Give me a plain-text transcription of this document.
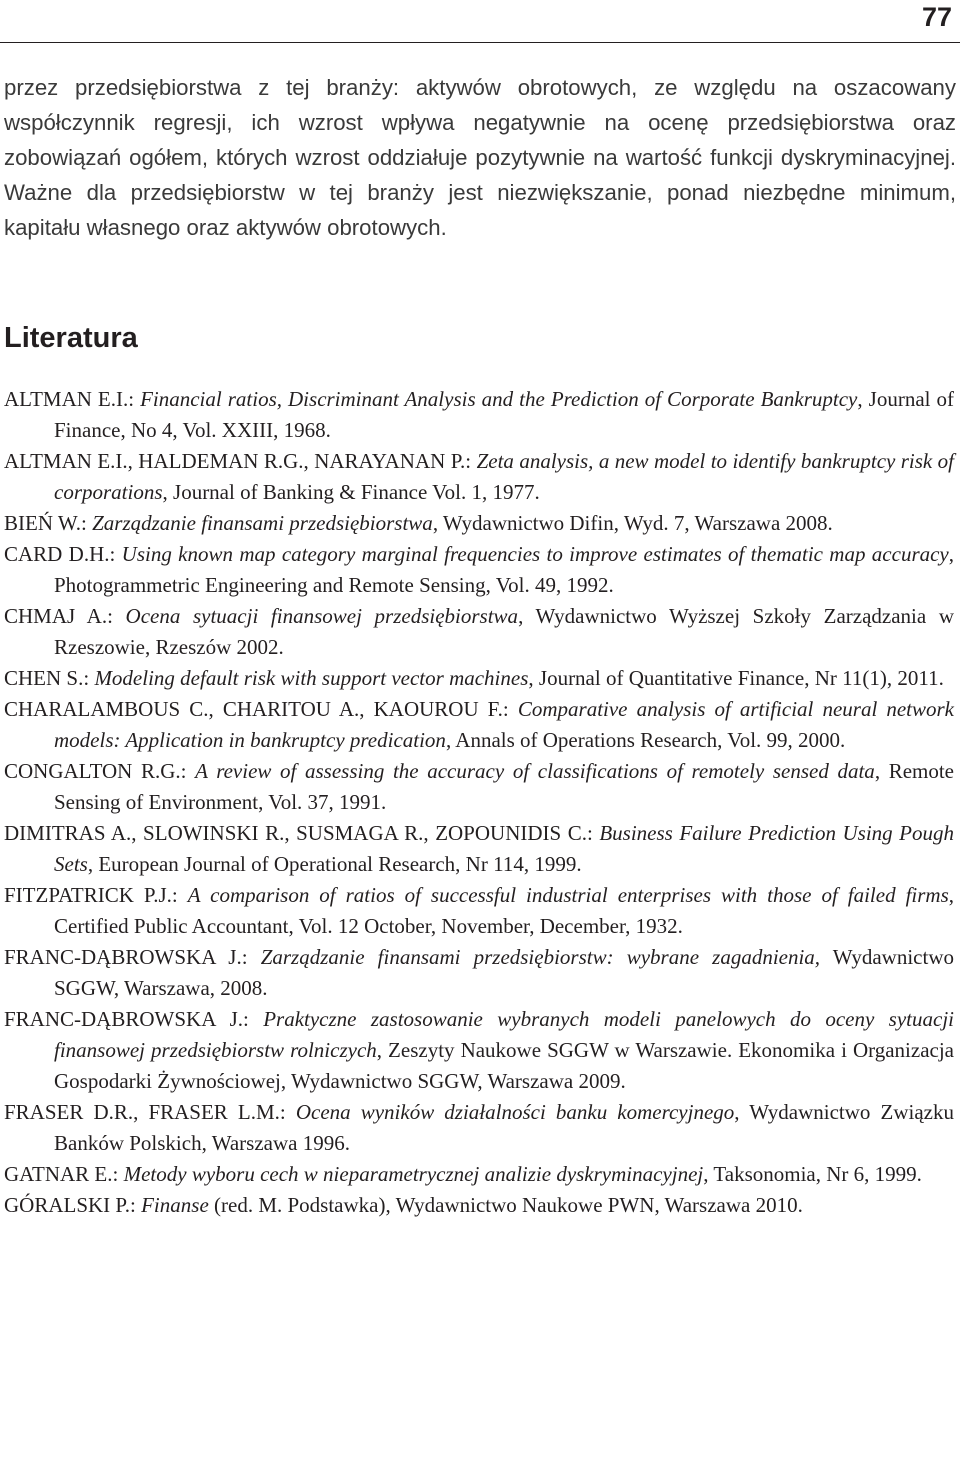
77

przez przedsiębiorstwa z tej branży: aktywów obrotowych, ze względu na oszacowany współczynnik regresji, ich wzrost wpływa negatywnie na ocenę przedsiębiorstwa oraz zobowiązań ogółem, których wzrost oddziałuje pozytywnie na wartość funkcji dyskryminacyjnej. Ważne dla przedsiębiorstw w tej branży jest niezwiększanie, ponad niezbędne minimum, kapitału własnego oraz aktywów obrotowych.

Literatura
ALTMAN E.I.: Financial ratios, Discriminant Analysis and the Prediction of Corporate Bankruptcy, Journal of Finance, No 4, Vol. XXIII, 1968.
ALTMAN E.I., HALDEMAN R.G., NARAYANAN P.: Zeta analysis, a new model to identify bankruptcy risk of corporations, Journal of Banking & Finance Vol. 1, 1977.
BIEŃ W.: Zarządzanie finansami przedsiębiorstwa, Wydawnictwo Difin, Wyd. 7, Warszawa 2008.
CARD D.H.: Using known map category marginal frequencies to improve estimates of thematic map accuracy, Photogrammetric Engineering and Remote Sensing, Vol. 49, 1992.
CHMAJ A.: Ocena sytuacji finansowej przedsiębiorstwa, Wydawnictwo Wyższej Szkoły Zarządzania w Rzeszowie, Rzeszów 2002.
CHEN S.: Modeling default risk with support vector machines, Journal of Quantitative Finance, Nr 11(1), 2011.
CHARALAMBOUS C., CHARITOU A., KAOUROU F.: Comparative analysis of artificial neural network models: Application in bankruptcy predication, Annals of Operations Research, Vol. 99, 2000.
CONGALTON R.G.: A review of assessing the accuracy of classifications of remotely sensed data, Remote Sensing of Environment, Vol. 37, 1991.
DIMITRAS A., SLOWINSKI R., SUSMAGA R., ZOPOUNIDIS C.: Business Failure Prediction Using Pough Sets, European Journal of Operational Research, Nr 114, 1999.
FITZPATRICK P.J.: A comparison of ratios of successful industrial enterprises with those of failed firms, Certified Public Accountant, Vol. 12 October, November, December, 1932.
FRANC-DĄBROWSKA J.: Zarządzanie finansami przedsiębiorstw: wybrane zagadnienia, Wydawnictwo SGGW, Warszawa, 2008.
FRANC-DĄBROWSKA J.: Praktyczne zastosowanie wybranych modeli panelowych do oceny sytuacji finansowej przedsiębiorstw rolniczych, Zeszyty Naukowe SGGW w Warszawie. Ekonomika i Organizacja Gospodarki Żywnościowej, Wydawnictwo SGGW, Warszawa 2009.
FRASER D.R., FRASER L.M.: Ocena wyników działalności banku komercyjnego, Wydawnictwo Związku Banków Polskich, Warszawa 1996.
GATNAR E.: Metody wyboru cech w nieparametrycznej analizie dyskryminacyjnej, Taksonomia, Nr 6, 1999.
GÓRALSKI P.: Finanse (red. M. Podstawka), Wydawnictwo Naukowe PWN, Warszawa 2010.
